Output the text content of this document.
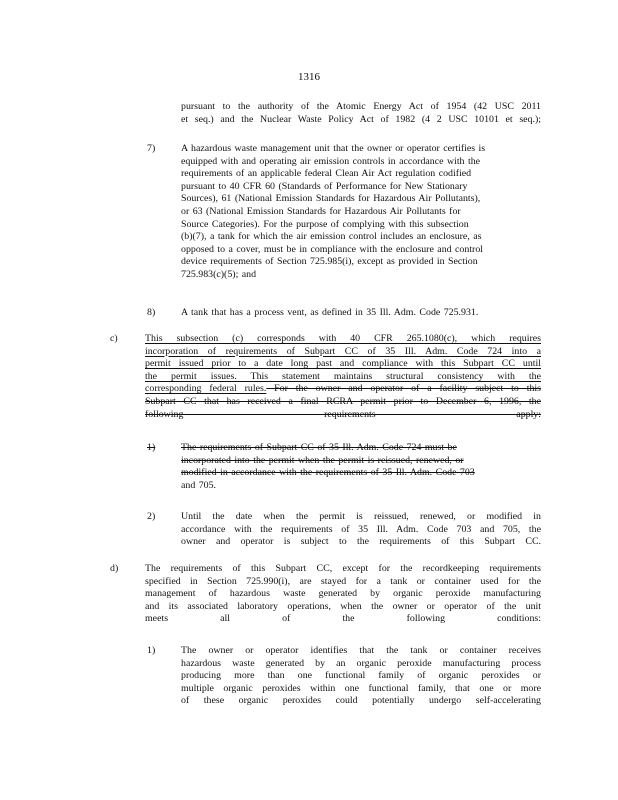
1316
pursuant to the authority of the Atomic Energy Act of 1954 (42 USC 2011
et seq.) and the Nuclear Waste Policy Act of 1982 (4 2 USC 10101 et seq.);
7)	A hazardous waste management unit that the owner or operator certifies is
equipped with and operating air emission controls in accordance with the
requirements of an applicable federal Clean Air Act regulation codified
pursuant to 40 CFR 60 (Standards of Performance for New Stationary
Sources), 61 (National Emission Standards for Hazardous Air Pollutants),
or 63 (National Emission Standards for Hazardous Air Pollutants for
Source Categories). For the purpose of complying with this subsection
(b)(7), a tank for which the air emission control includes an enclosure, as
opposed to a cover, must be in compliance with the enclosure and control
device requirements of Section 725.985(i), except as provided in Section
725.983(c)(5); and
8)	A tank that has a process vent, as defined in 35 Ill. Adm. Code 725.931.
c)	This subsection (c) corresponds with 40 CFR 265.1080(c), which requires
incorporation of requirements of Subpart CC of 35 Ill. Adm. Code 724 into a
permit issued prior to a date long past and compliance with this Subpart CC until
the permit issues. This statement maintains structural consistency with the
corresponding federal rules. For the owner and operator of a facility subject to this
Subpart CC that has received a final RCRA permit prior to December 6, 1996, the
following requirements apply:
1)	The requirements of Subpart CC of 35 Ill. Adm. Code 724 must be
incorporated into the permit when the permit is reissued, renewed, or
modified in accordance with the requirements of 35 Ill. Adm. Code 703
and 705.
2)	Until the date when the permit is reissued, renewed, or modified in
accordance with the requirements of 35 Ill. Adm. Code 703 and 705, the
owner and operator is subject to the requirements of this Subpart CC.
d)	The requirements of this Subpart CC, except for the recordkeeping requirements
specified in Section 725.990(i), are stayed for a tank or container used for the
management of hazardous waste generated by organic peroxide manufacturing
and its associated laboratory operations, when the owner or operator of the unit
meets all of the following conditions:
1)	The owner or operator identifies that the tank or container receives
hazardous waste generated by an organic peroxide manufacturing process
producing more than one functional family of organic peroxides or
multiple organic peroxides within one functional family, that one or more
of these organic peroxides could potentially undergo self-accelerating
